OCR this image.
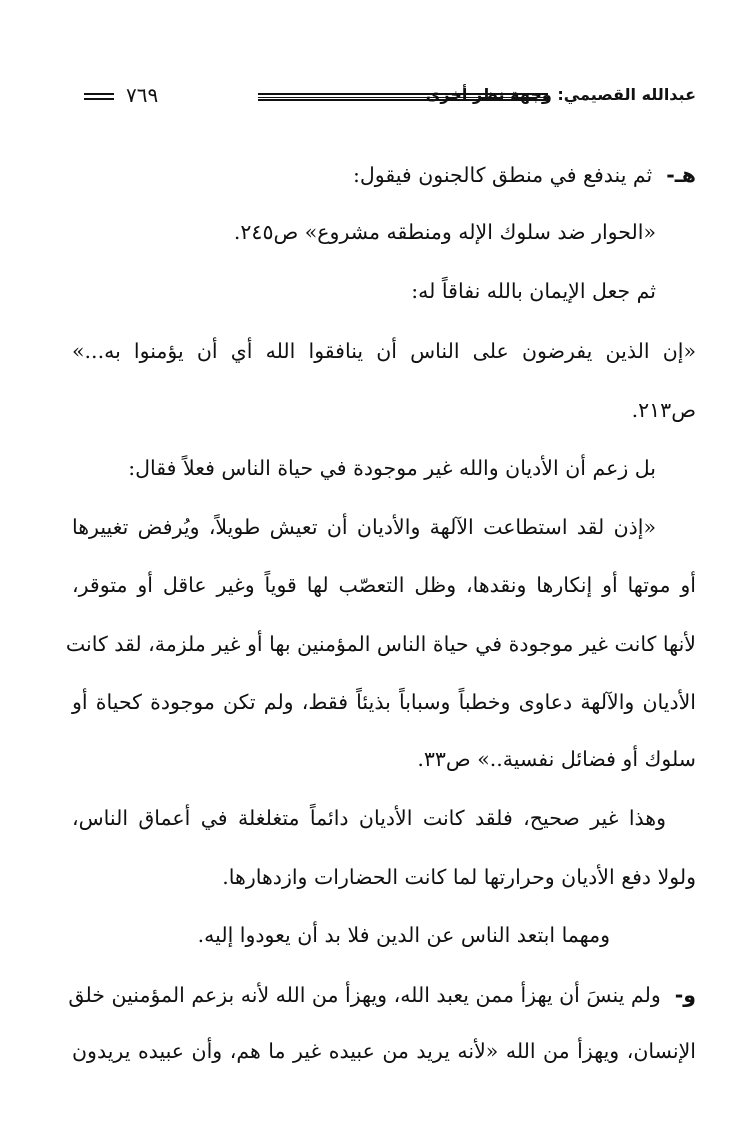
عبدالله القصيمي: وجهة نظر أخرى
٧٦٩
هـ-ثم يندفع في منطق كالجنون فيقول:
«الحوار ضد سلوك الإله ومنطقه مشروع» ص٢٤٥.
ثم جعل الإيمان بالله نفاقاً له:
«إن الذين يفرضون على الناس أن ينافقوا الله أي أن يؤمنوا به...»
ص٢١٣.
بل زعم أن الأديان والله غير موجودة في حياة الناس فعلاً فقال:
«إذن لقد استطاعت الآلهة والأديان أن تعيش طويلاً، ويُرفض تغييرها
أو موتها أو إنكارها ونقدها، وظل التعصّب لها قوياً وغير عاقل أو متوقر،
لأنها كانت غير موجودة في حياة الناس المؤمنين بها أو غير ملزمة، لقد كانت
الأديان والآلهة دعاوى وخطباً وسباباً بذيئاً فقط، ولم تكن موجودة كحياة أو
سلوك أو فضائل نفسية..» ص٣٣.
وهذا غير صحيح، فلقد كانت الأديان دائماً متغلغلة في أعماق الناس،
ولولا دفع الأديان وحرارتها لما كانت الحضارات وازدهارها.
ومهما ابتعد الناس عن الدين فلا بد أن يعودوا إليه.
و-ولم ينسَ أن يهزأ ممن يعبد الله، ويهزأ من الله لأنه بزعم المؤمنين خلق
الإنسان، ويهزأ من الله «لأنه يريد من عبيده غير ما هم، وأن عبيده يريدون
